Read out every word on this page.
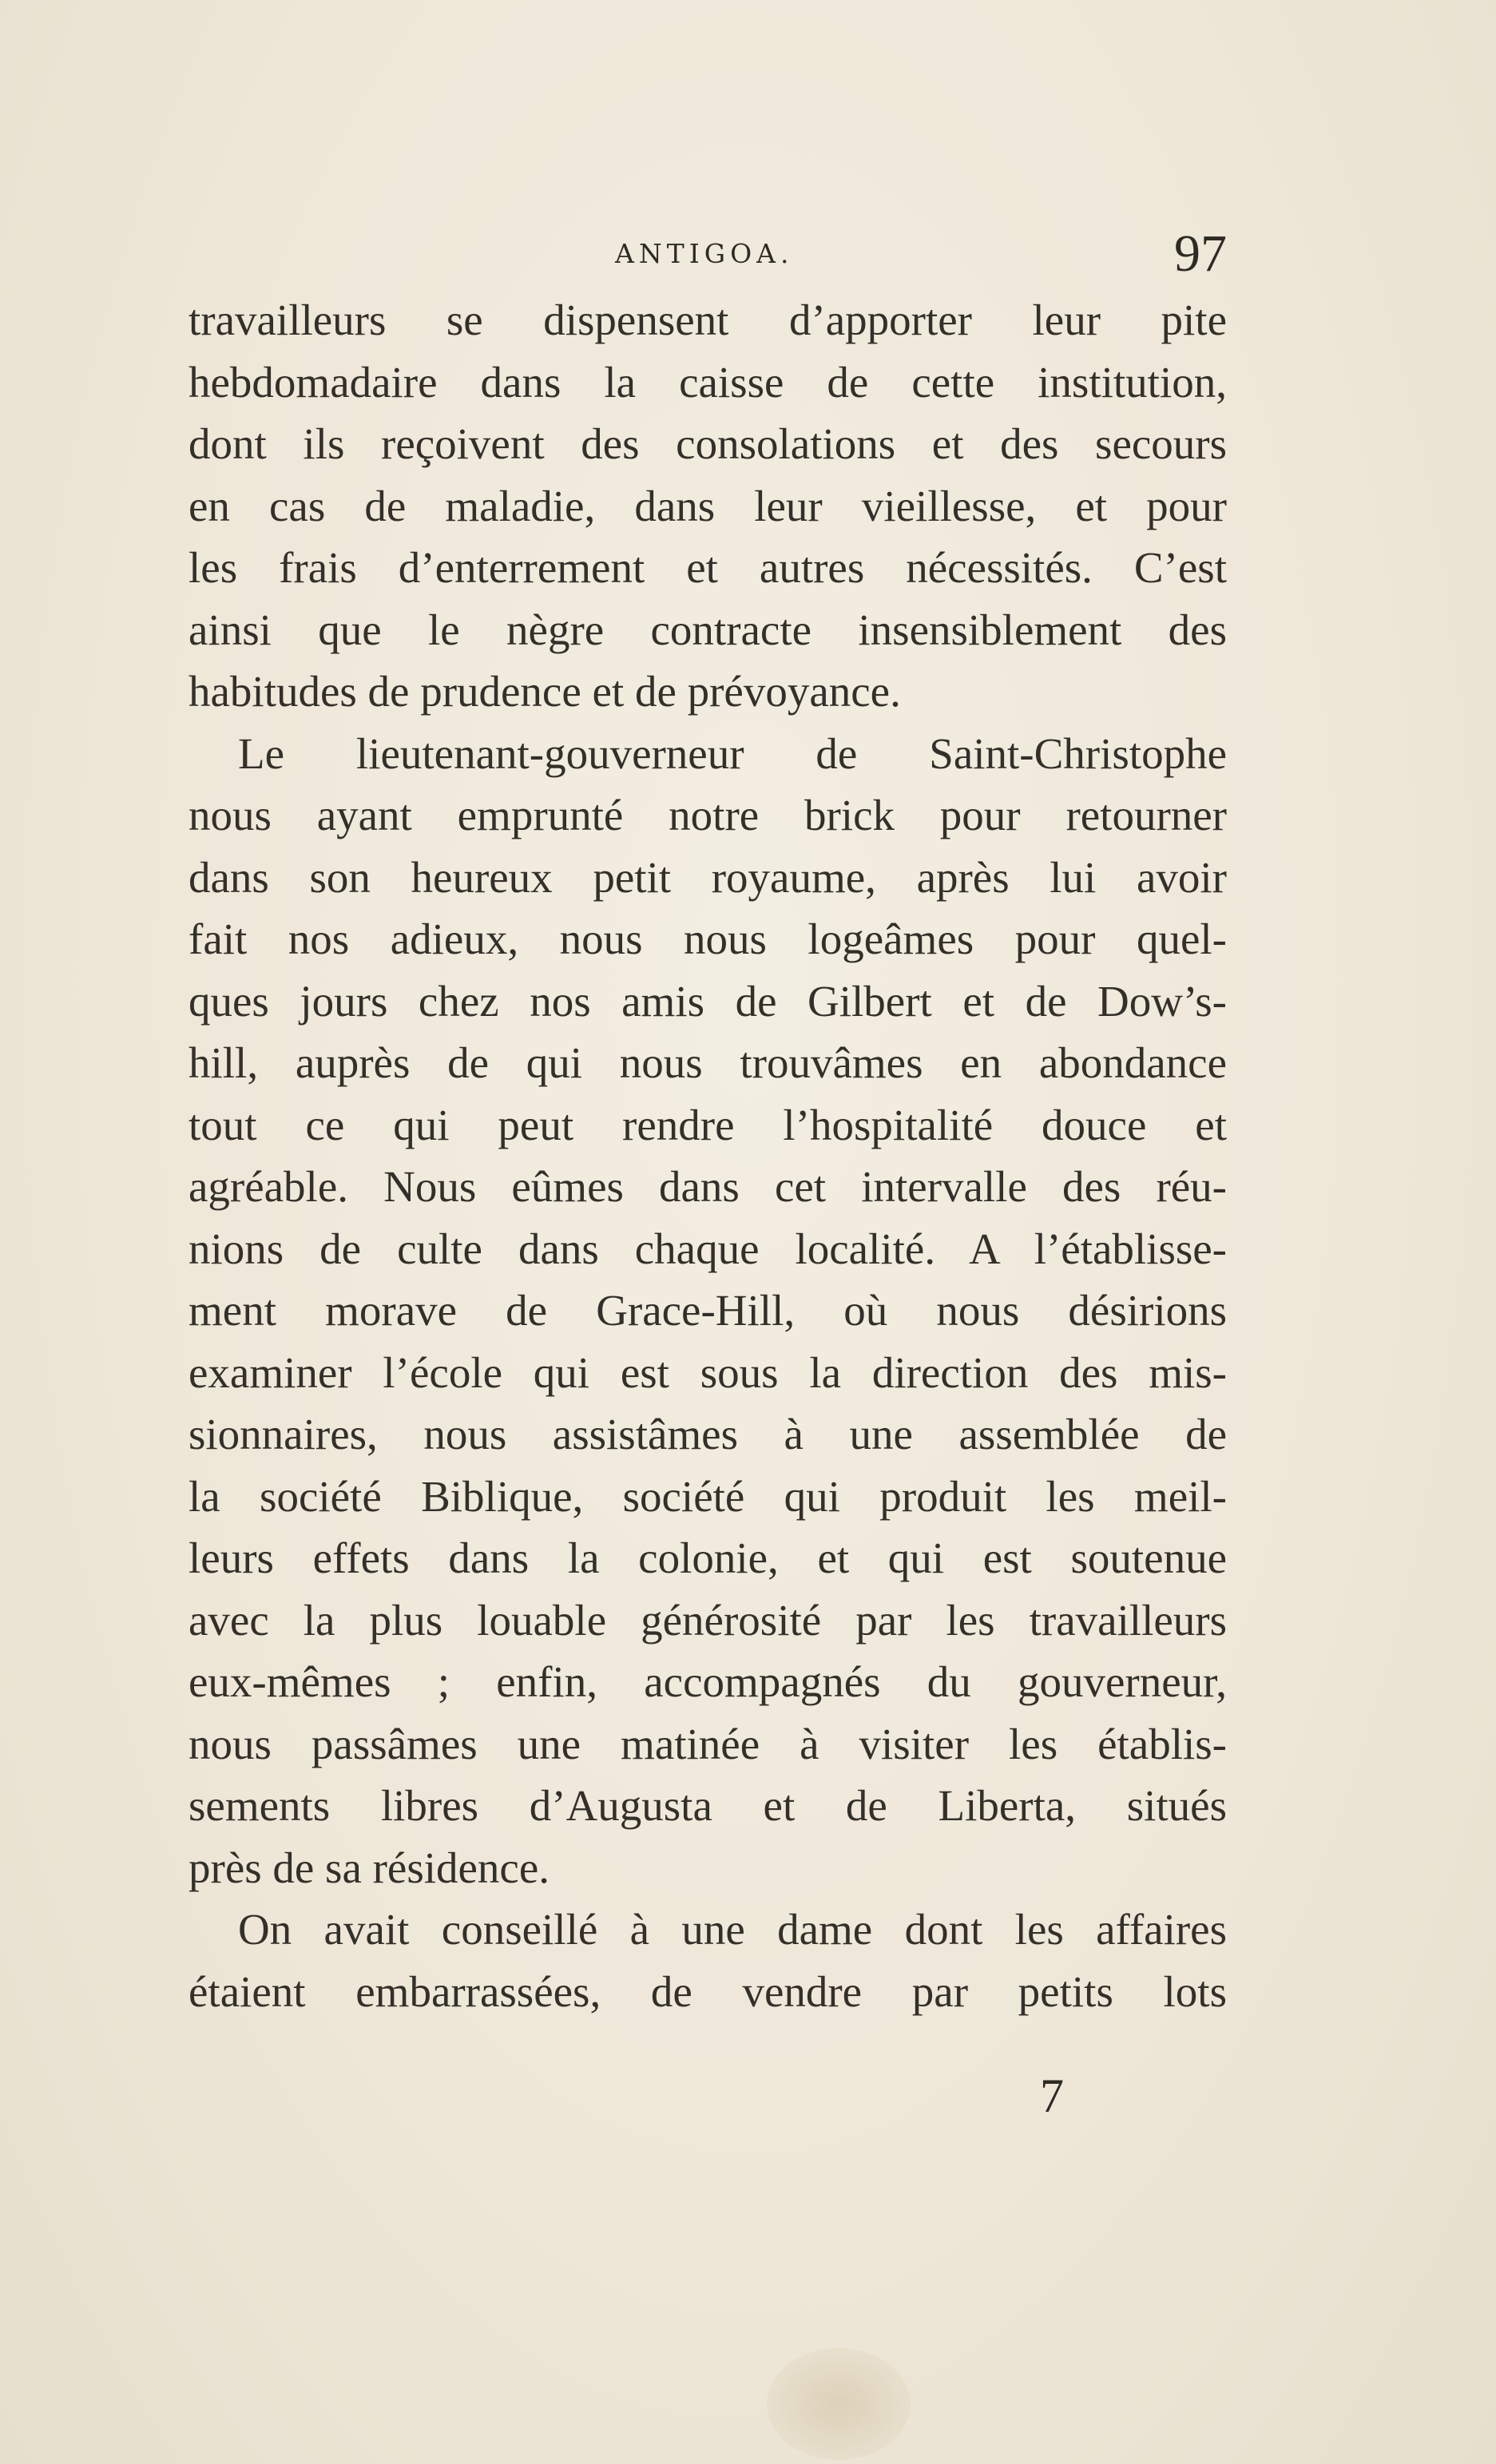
ANTIGOA.	97
travailleurs se dispensent d’apporter leur pite
hebdomadaire dans la caisse de cette institution,
dont ils reçoivent des consolations et des secours
en cas de maladie, dans leur vieillesse, et pour
les frais d’enterrement et autres nécessités. C’est
ainsi que le nègre contracte insensiblement des
habitudes de prudence et de prévoyance.
Le lieutenant-gouverneur de Saint-Christophe
nous ayant emprunté notre brick pour retourner
dans son heureux petit royaume, après lui avoir
fait nos adieux, nous nous logeâmes pour quel-
ques jours chez nos amis de Gilbert et de Dow’s-
hill, auprès de qui nous trouvâmes en abondance
tout ce qui peut rendre l’hospitalité douce et
agréable. Nous eûmes dans cet intervalle des réu-
nions de culte dans chaque localité. A l’établisse-
ment morave de Grace-Hill, où nous désirions
examiner l’école qui est sous la direction des mis-
sionnaires, nous assistâmes à une assemblée de
la société Biblique, société qui produit les meil-
leurs effets dans la colonie, et qui est soutenue
avec la plus louable générosité par les travailleurs
eux-mêmes ; enfin, accompagnés du gouverneur,
nous passâmes une matinée à visiter les établis-
sements libres d’Augusta et de Liberta, situés
près de sa résidence.
On avait conseillé à une dame dont les affaires
étaient embarrassées, de vendre par petits lots
7
